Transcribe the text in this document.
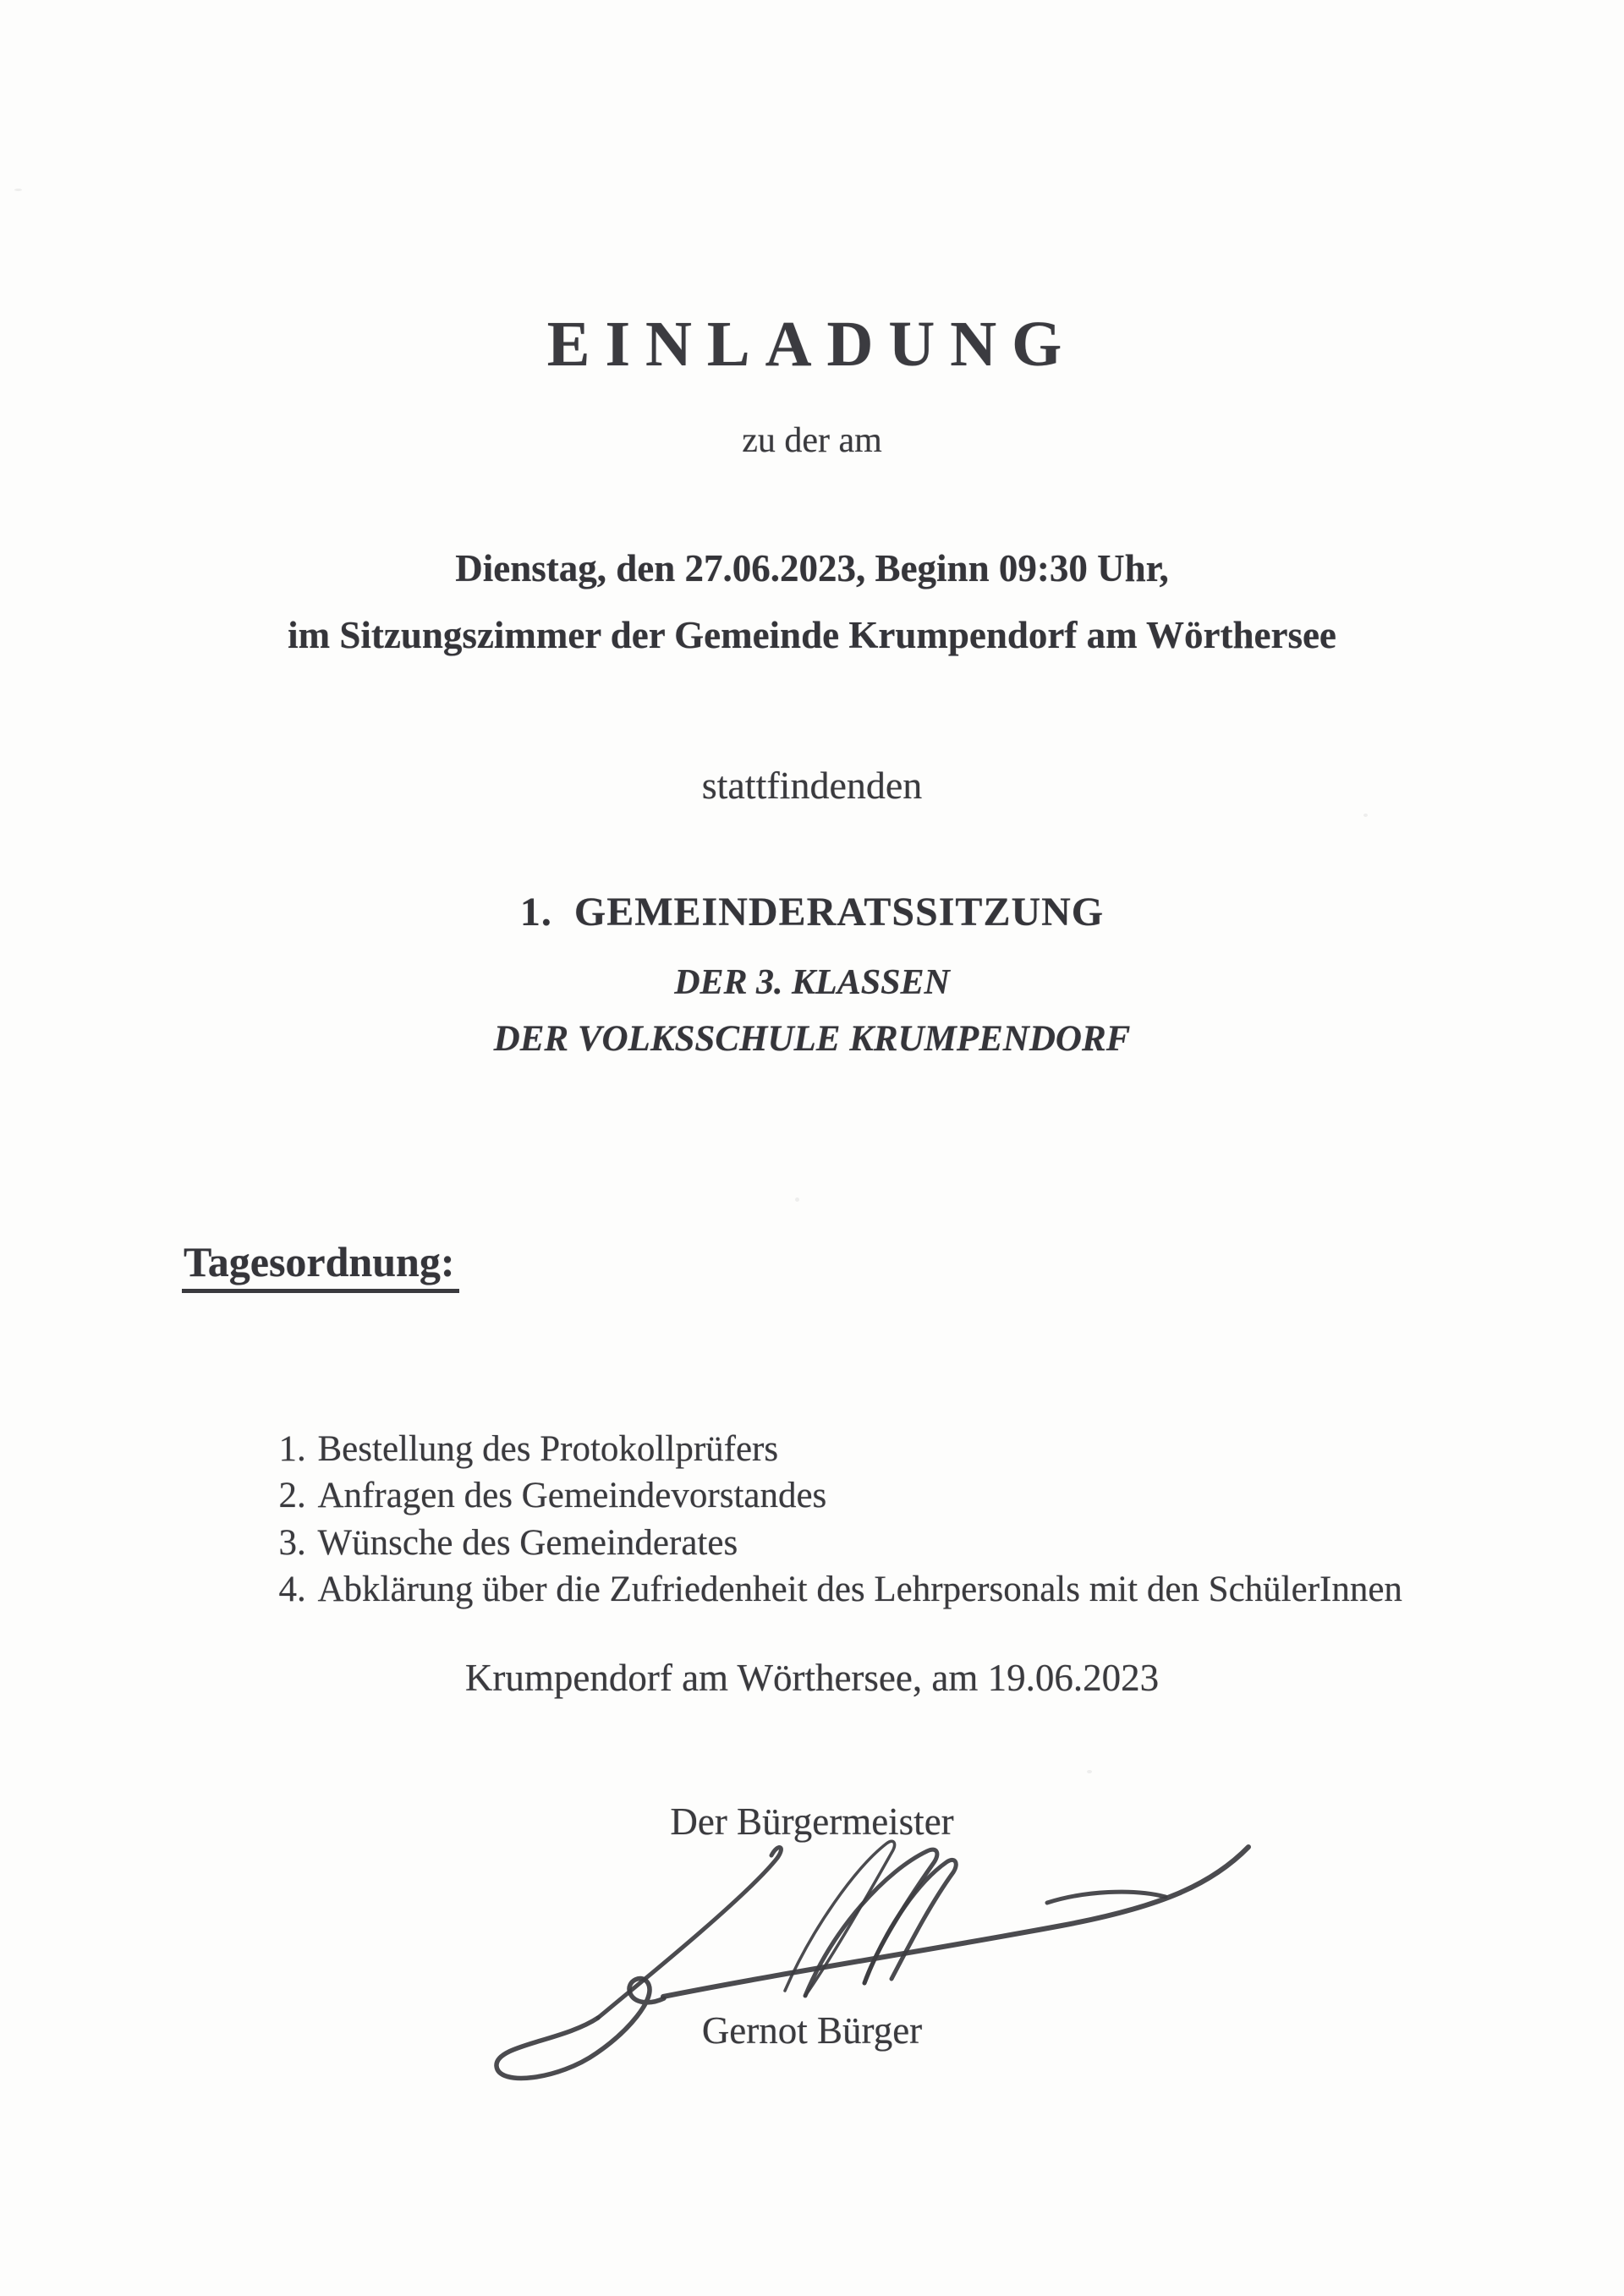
EINLADUNG
zu der am
Dienstag, den 27.06.2023, Beginn 09:30 Uhr,
im Sitzungszimmer der Gemeinde Krumpendorf am Wörthersee
stattfindenden
1.  GEMEINDERATSSITZUNG
DER 3. KLASSEN
DER VOLKSSCHULE KRUMPENDORF
Tagesordnung:

1. Bestellung des Protokollprüfers

2. Anfragen des Gemeindevorstandes

3. Wünsche des Gemeinderates

4. Abklärung über die Zufriedenheit des Lehrpersonals mit den SchülerInnen

Krumpendorf am Wörthersee, am 19.06.2023
Der Bürgermeister
Gernot Bürger
